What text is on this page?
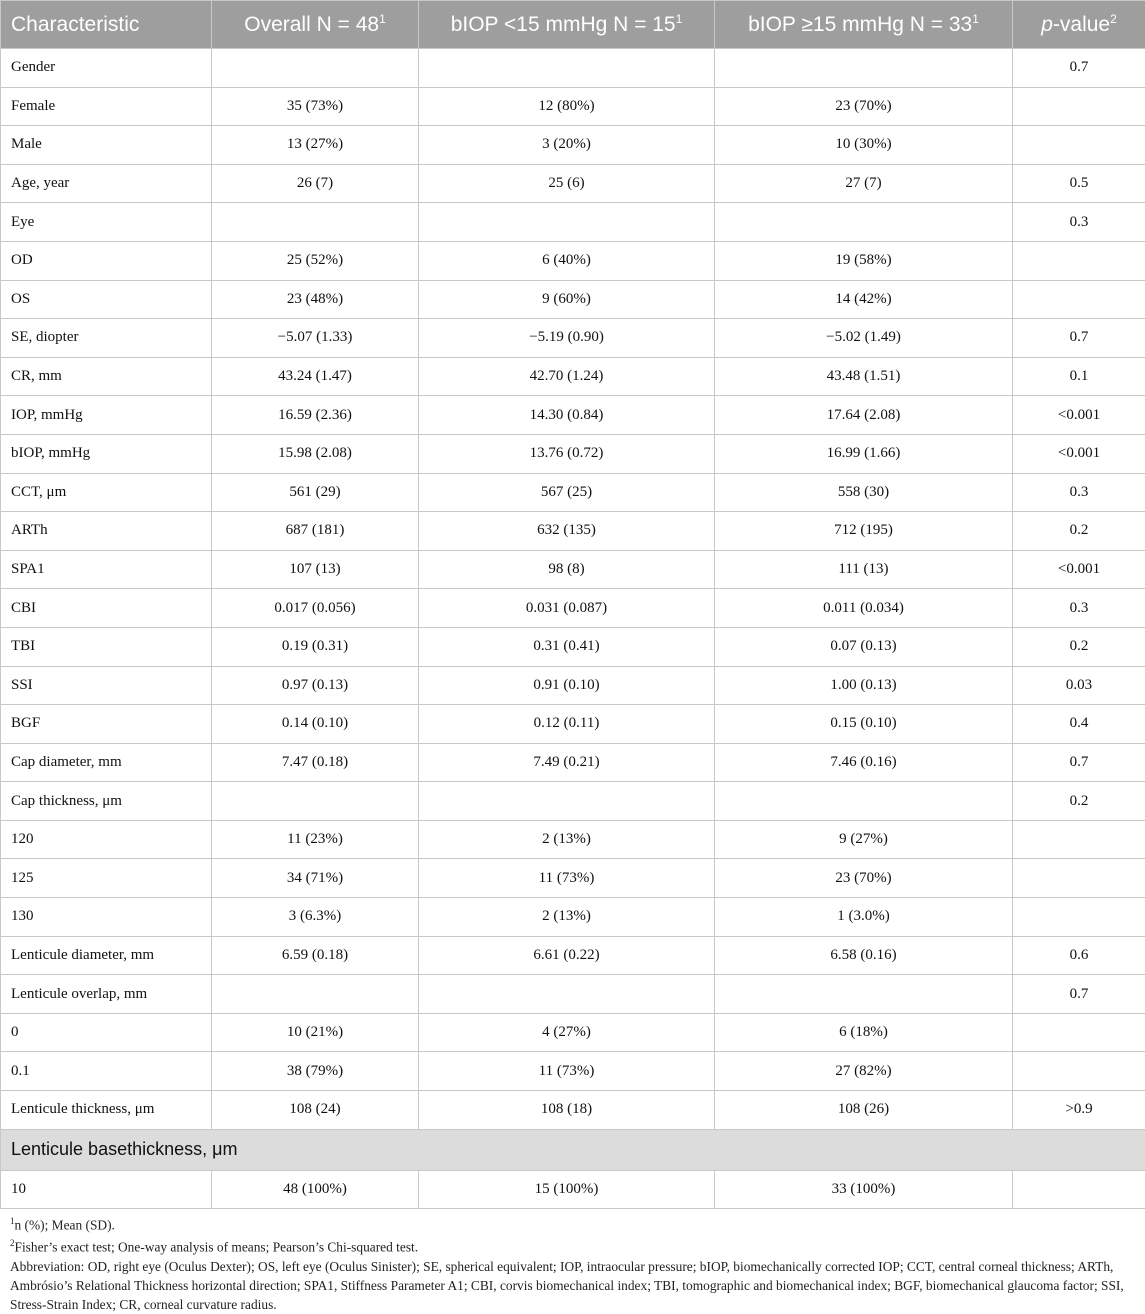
Characteristic	Overall $N = 48^1$	bIOP <15 mmHg $N = 15^1$	bIOP ≥15 mmHg $N = 33^1$	p-value$^2$
Gender				0.7
Female	35 (73%)	12 (80%)	23 (70%)	
Male	13 (27%)	3 (20%)	10 (30%)	
Age, year	26 (7)	25 (6)	27 (7)	0.5
Eye				0.3
OD	25 (52%)	6 (40%)	19 (58%)	
OS	23 (48%)	9 (60%)	14 (42%)	
SE, diopter	−5.07 (1.33)	−5.19 (0.90)	−5.02 (1.49)	0.7
CR, mm	43.24 (1.47)	42.70 (1.24)	43.48 (1.51)	0.1
IOP, mmHg	16.59 (2.36)	14.30 (0.84)	17.64 (2.08)	<0.001
bIOP, mmHg	15.98 (2.08)	13.76 (0.72)	16.99 (1.66)	<0.001
CCT, μm	561 (29)	567 (25)	558 (30)	0.3
ARTh	687 (181)	632 (135)	712 (195)	0.2
SPA1	107 (13)	98 (8)	111 (13)	<0.001
CBI	0.017 (0.056)	0.031 (0.087)	0.011 (0.034)	0.3
TBI	0.19 (0.31)	0.31 (0.41)	0.07 (0.13)	0.2
SSI	0.97 (0.13)	0.91 (0.10)	1.00 (0.13)	0.03
BGF	0.14 (0.10)	0.12 (0.11)	0.15 (0.10)	0.4
Cap diameter, mm	7.47 (0.18)	7.49 (0.21)	7.46 (0.16)	0.7
Cap thickness, μm				0.2
120	11 (23%)	2 (13%)	9 (27%)	
125	34 (71%)	11 (73%)	23 (70%)	
130	3 (6.3%)	2 (13%)	1 (3.0%)	
Lenticule diameter, mm	6.59 (0.18)	6.61 (0.22)	6.58 (0.16)	0.6
Lenticule overlap, mm				0.7
0	10 (21%)	4 (27%)	6 (18%)	
0.1	38 (79%)	11 (73%)	27 (82%)	
Lenticule thickness, μm	108 (24)	108 (18)	108 (26)	>0.9
Lenticule basethickness, μm				
10	48 (100%)	15 (100%)	33 (100%)	

$^1$n (%); Mean (SD).

$^2$Fisher’s exact test; One-way analysis of means; Pearson’s Chi-squared test.

Abbreviation: OD, right eye (Oculus Dexter); OS, left eye (Oculus Sinister); SE, spherical equivalent; IOP, intraocular pressure; bIOP, biomechanically corrected IOP; CCT, central corneal thickness; ARTh, Ambrósio’s Relational Thickness horizontal direction; SPA1, Stiffness Parameter A1; CBI, corvis biomechanical index; TBI, tomographic and biomechanical index; BGF, biomechanical glaucoma factor; SSI, Stress-Strain Index; CR, corneal curvature radius.
